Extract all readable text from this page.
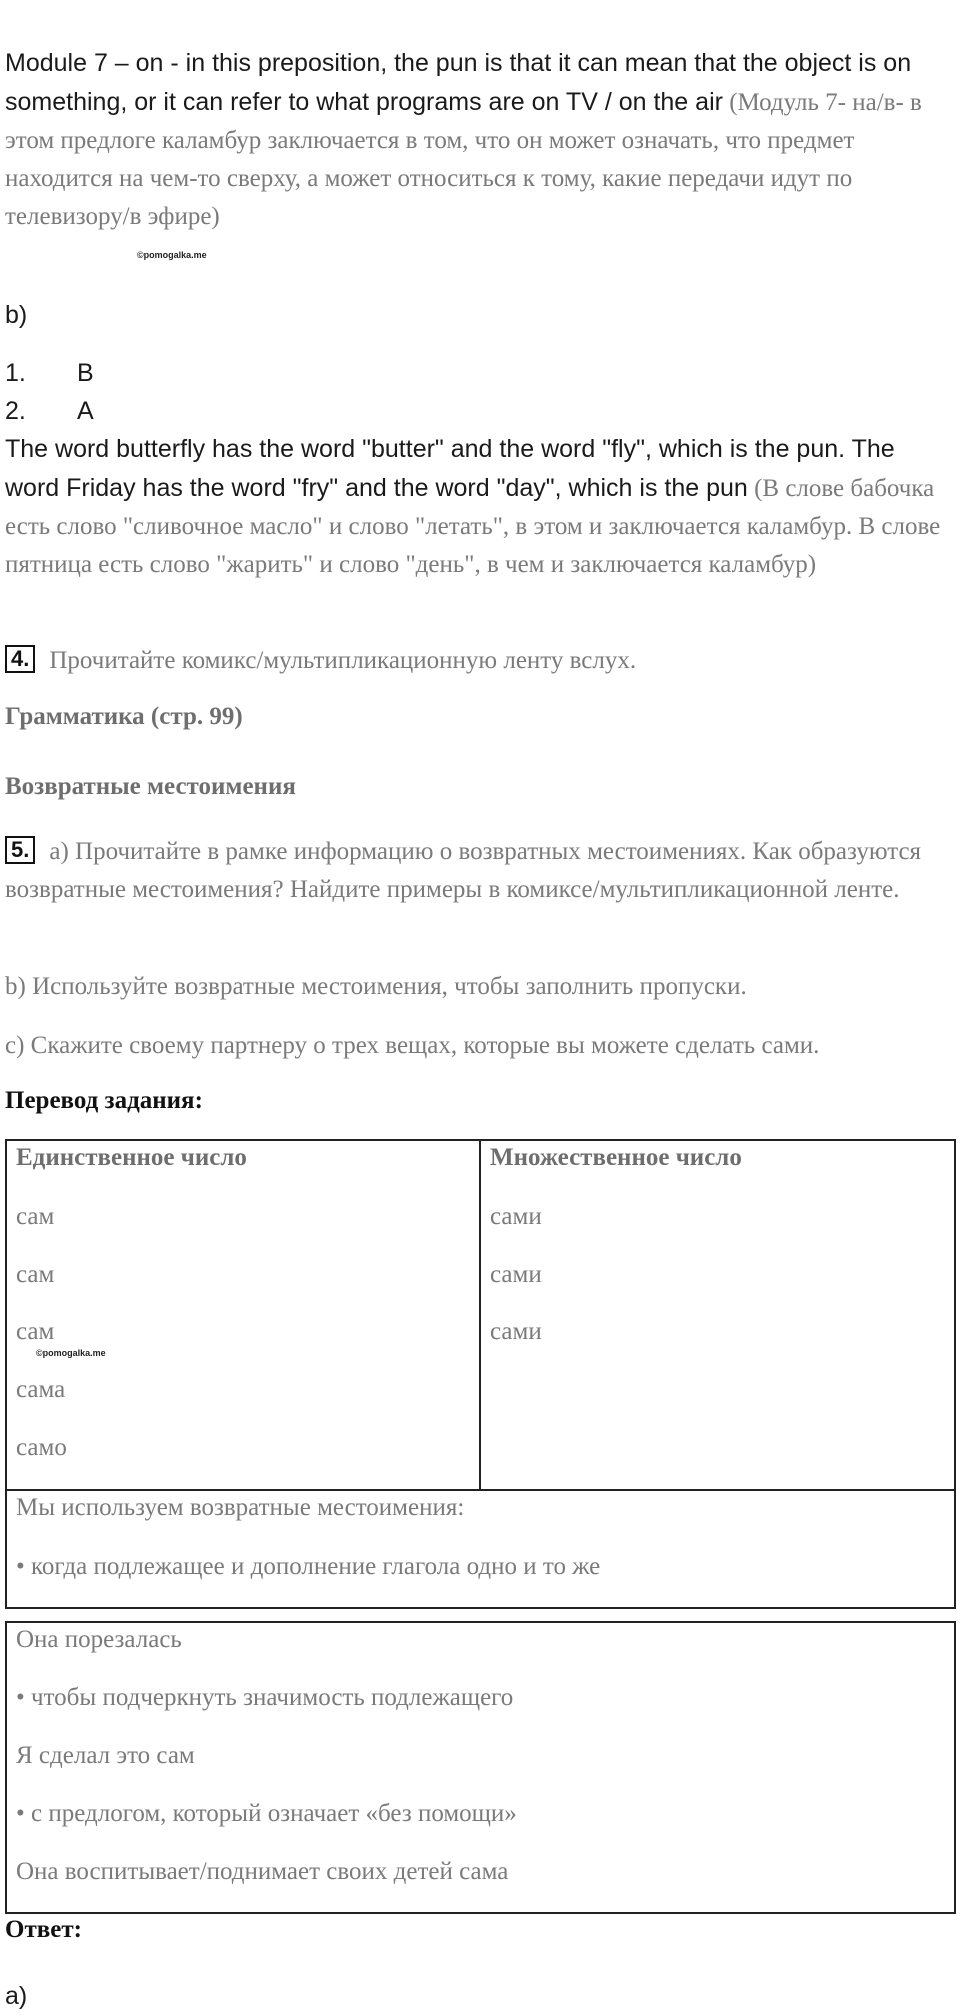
Module 7 – on - in this preposition, the pun is that it can mean that the object is on something, or it can refer to what programs are on TV / on the air (Модуль 7- на/в- в этом предлоге каламбур заключается в том, что он может означать, что предмет находится на чем-то сверху, а может относиться к тому, какие передачи идут по телевизору/в эфире)
©pomogalka.me
b)
1. B
2. A
The word butterfly has the word "butter" and the word "fly", which is the pun. The word Friday has the word "fry" and the word "day", which is the pun (В слове бабочка есть слово "сливочное масло" и слово "летать", в этом и заключается каламбур. В слове пятница есть слово "жарить" и слово "день", в чем и заключается каламбур)
4. Прочитайте комикс/мультипликационную ленту вслух.
Грамматика (стр. 99)
Возвратные местоимения
5. a) Прочитайте в рамке информацию о возвратных местоимениях. Как образуются возвратные местоимения? Найдите примеры в комиксе/мультипликационной ленте.
b) Используйте возвратные местоимения, чтобы заполнить пропуски.
c) Скажите своему партнеру о трех вещах, которые вы можете сделать сами.
Перевод задания:
Единственное число	Множественное число
сам
сам
сам
©pomogalka.me
сама
само
сами
сами
сами
Мы используем возвратные местоимения:
• когда подлежащее и дополнение глагола одно и то же
Она порезалась
• чтобы подчеркнуть значимость подлежащего
Я сделал это сам
• с предлогом, который означает «без помощи»
Она воспитывает/поднимает своих детей сама
Ответ:
a)
